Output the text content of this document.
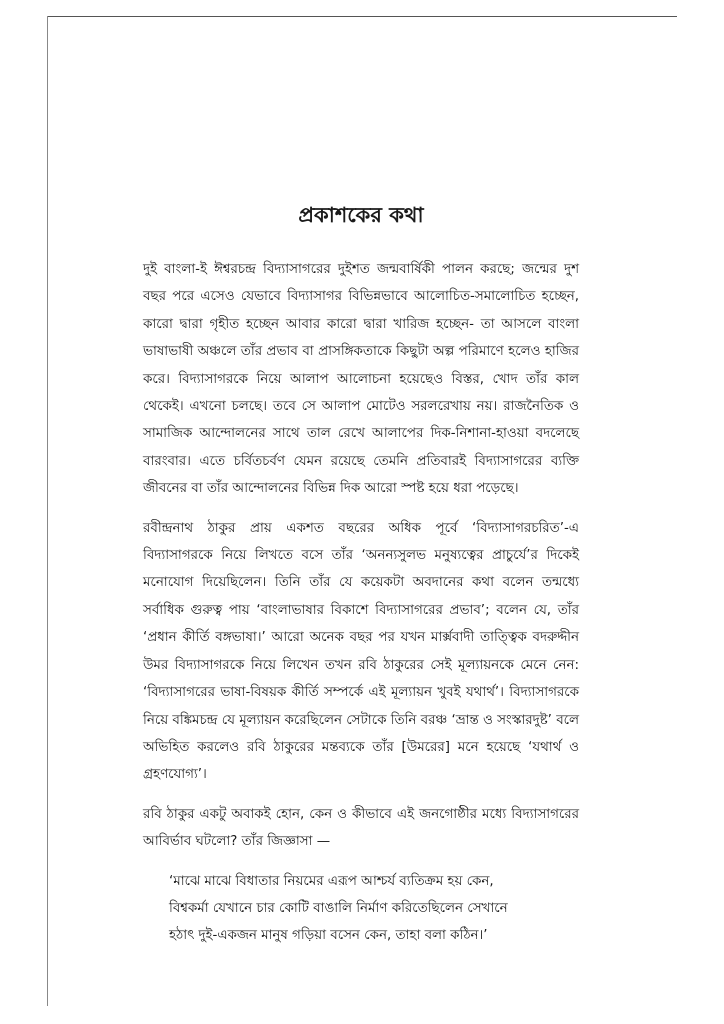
প্রকাশকের কথা

দুই বাংলা-ই ঈশ্বরচন্দ্র বিদ্যাসাগরের দুইশত জন্মবার্ষিকী পালন করছে; জন্মের দুশ বছর পরে এসেও যেভাবে বিদ্যাসাগর বিভিন্নভাবে আলোচিত-সমালোচিত হচ্ছেন, কারো দ্বারা গৃহীত হচ্ছেন আবার কারো দ্বারা খারিজ হচ্ছেন- তা আসলে বাংলা ভাষাভাষী অঞ্চলে তাঁর প্রভাব বা প্রাসঙ্গিকতাকে কিছুটা অল্প পরিমাণে হলেও হাজির করে। বিদ্যাসাগরকে নিয়ে আলাপ আলোচনা হয়েছেও বিস্তর, খোদ তাঁর কাল থেকেই। এখনো চলছে। তবে সে আলাপ মোটেও সরলরেখায় নয়। রাজনৈতিক ও সামাজিক আন্দোলনের সাথে তাল রেখে আলাপের দিক-নিশানা-হাওয়া বদলেছে বারংবার। এতে চর্বিতচর্বণ যেমন রয়েছে তেমনি প্রতিবারই বিদ্যাসাগরের ব্যক্তি জীবনের বা তাঁর আন্দোলনের বিভিন্ন দিক আরো স্পষ্ট হয়ে ধরা পড়েছে।

রবীন্দ্রনাথ ঠাকুর প্রায় একশত বছরের অধিক পূর্বে ‘বিদ্যাসাগরচরিত’-এ বিদ্যাসাগরকে নিয়ে লিখতে বসে তাঁর ‘অনন্যসুলভ মনুষ্যত্বের প্রাচুর্যে’র দিকেই মনোযোগ দিয়েছিলেন। তিনি তাঁর যে কয়েকটা অবদানের কথা বলেন তন্মধ্যে সর্বাধিক গুরুত্ব পায় ‘বাংলাভাষার বিকাশে বিদ্যাসাগরের প্রভাব’; বলেন যে, তাঁর ‘প্রধান কীর্তি বঙ্গভাষা।’ আরো অনেক বছর পর যখন মার্ক্সবাদী তাত্ত্বিক বদরুদ্দীন উমর বিদ্যাসাগরকে নিয়ে লিখেন তখন রবি ঠাকুরের সেই মূল্যায়নকে মেনে নেন: ‘বিদ্যাসাগরের ভাষা-বিষয়ক কীর্তি সম্পর্কে এই মূল্যায়ন খুবই যথার্থ’। বিদ্যাসাগরকে নিয়ে বঙ্কিমচন্দ্র যে মূল্যায়ন করেছিলেন সেটাকে তিনি বরঞ্চ ‘ভ্রান্ত ও সংস্কারদুষ্ট’ বলে অভিহিত করলেও রবি ঠাকুরের মন্তব্যকে তাঁর [উমরের] মনে হয়েছে ‘যথার্থ ও গ্রহণযোগ্য’।

রবি ঠাকুর একটু অবাকই হোন, কেন ও কীভাবে এই জনগোষ্ঠীর মধ্যে বিদ্যাসাগরের আবির্ভাব ঘটলো? তাঁর জিজ্ঞাসা —

‘মাঝে মাঝে বিধাতার নিয়মের এরূপ আশ্চর্য ব্যতিক্রম হয় কেন,
বিশ্বকর্মা যেখানে চার কোটি বাঙালি নির্মাণ করিতেছিলেন সেখানে
হঠাৎ দুই-একজন মানুষ গড়িয়া বসেন কেন, তাহা বলা কঠিন।’
